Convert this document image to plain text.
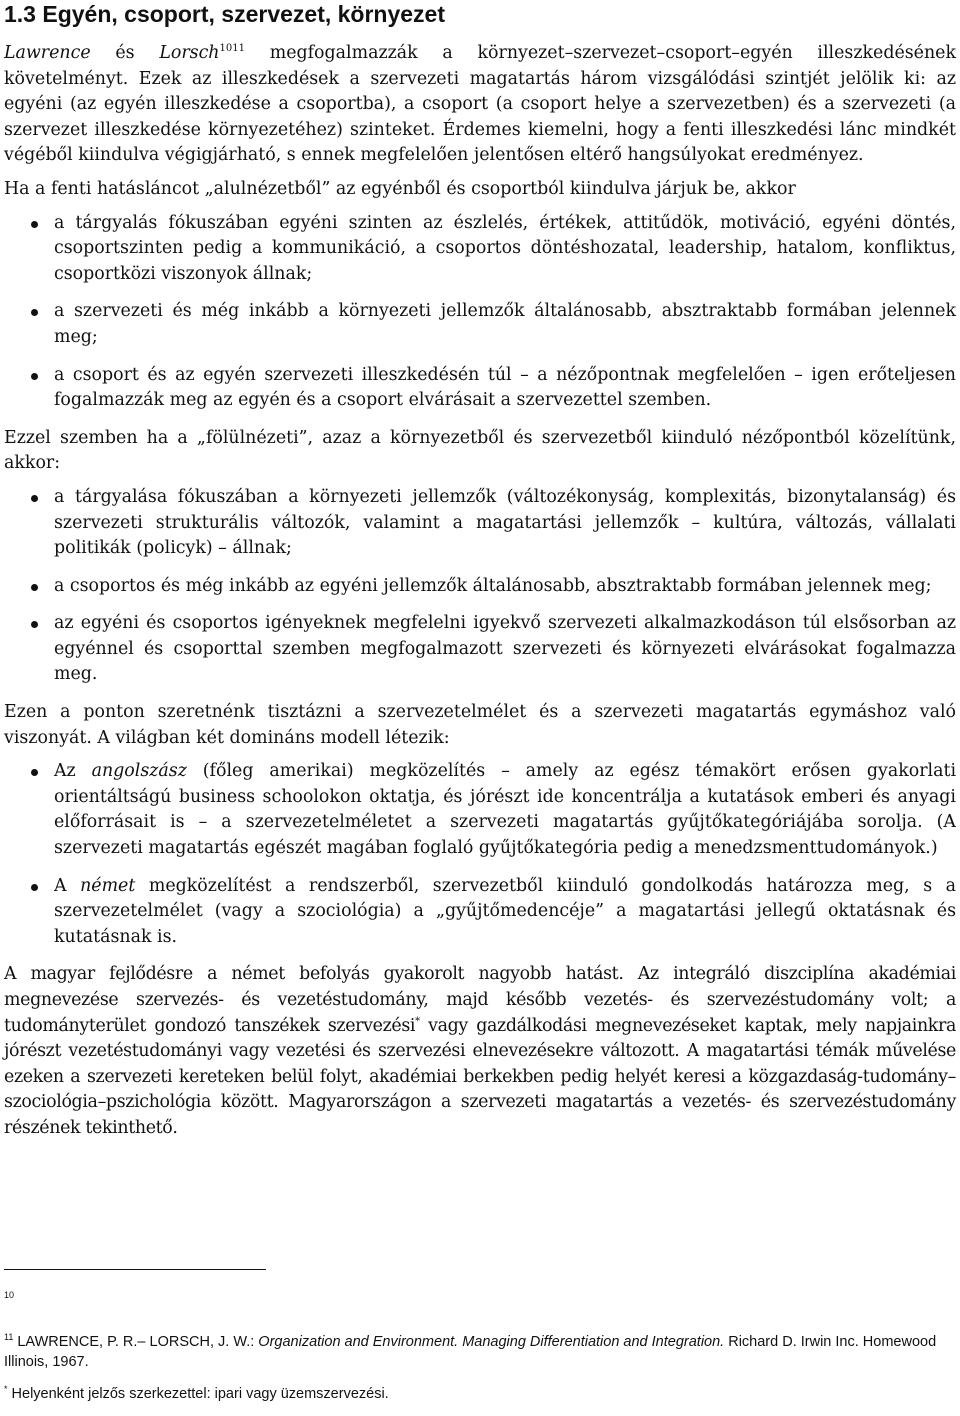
1.3 Egyén, csoport, szervezet, környezet

Lawrence és Lorsch$^{1011}$ megfogalmazzák a környezet–szervezet–csoport–egyén illeszkedésének követelményt. Ezek az illeszkedések a szervezeti magatartás három vizsgálódási szintjét jelölik ki: az egyéni (az egyén illeszkedése a csoportba), a csoport (a csoport helye a szervezetben) és a szervezeti (a szervezet illeszkedése környezetéhez) szinteket. Érdemes kiemelni, hogy a fenti illeszkedési lánc mindkét végéből kiindulva végigjárható, s ennek megfelelően jelentősen eltérő hangsúlyokat eredményez.

Ha a fenti hatásláncot „alulnézetből” az egyénből és csoportból kiindulva járjuk be, akkor

a tárgyalás fókuszában egyéni szinten az észlelés, értékek, attitűdök, motiváció, egyéni döntés, csoportszinten pedig a kommunikáció, a csoportos döntéshozatal, leadership, hatalom, konfliktus, csoportközi viszonyok állnak;
a szervezeti és még inkább a környezeti jellemzők általánosabb, absztraktabb formában jelennek meg;
a csoport és az egyén szervezeti illeszkedésén túl – a nézőpontnak megfelelően – igen erőteljesen fogalmazzák meg az egyén és a csoport elvárásait a szervezettel szemben.

Ezzel szemben ha a „fölülnézeti”, azaz a környezetből és szervezetből kiinduló nézőpontból közelítünk, akkor:

a tárgyalása fókuszában a környezeti jellemzők (változékonyság, komplexitás, bizonytalanság) és szervezeti strukturális változók, valamint a magatartási jellemzők – kultúra, változás, vállalati politikák (policyk) – állnak;
a csoportos és még inkább az egyéni jellemzők általánosabb, absztraktabb formában jelennek meg;
az egyéni és csoportos igényeknek megfelelni igyekvő szervezeti alkalmazkodáson túl elsősorban az egyénnel és csoporttal szemben megfogalmazott szervezeti és környezeti elvárásokat fogalmazza meg.

Ezen a ponton szeretnénk tisztázni a szervezetelmélet és a szervezeti magatartás egymáshoz való viszonyát. A világban két domináns modell létezik:

Az angolszász (főleg amerikai) megközelítés – amely az egész témakört erősen gyakorlati orientáltságú business schoolokon oktatja, és jórészt ide koncentrálja a kutatások emberi és anyagi előforrásait is – a szervezetelméletet a szervezeti magatartás gyűjtőkategóriájába sorolja. (A szervezeti magatartás egészét magában foglaló gyűjtőkategória pedig a menedzsmenttudományok.)
A német megközelítést a rendszerből, szervezetből kiinduló gondolkodás határozza meg, s a szervezetelmélet (vagy a szociológia) a „gyűjtőmedencéje” a magatartási jellegű oktatásnak és kutatásnak is.

A magyar fejlődésre a német befolyás gyakorolt nagyobb hatást. Az integráló diszciplína akadémiai megnevezése szervezés- és vezetéstudomány, majd később vezetés- és szervezéstudomány volt; a tudományterület gondozó tanszékek szervezési* vagy gazdálkodási megnevezéseket kaptak, mely napjainkra jórészt vezetéstudományi vagy vezetési és szervezési elnevezésekre változott. A magatartási témák művelése ezeken a szervezeti kereteken belül folyt, akadémiai berkekben pedig helyét keresi a közgazdaság-tudomány–szociológia–pszichológia között. Magyarországon a szervezeti magatartás a vezetés- és szervezéstudomány részének tekinthető.

$^{10}$

$^{11}$ LAWRENCE, P. R.– LORSCH, J. W.: Organization and Environment. Managing Differentiation and Integration. Richard D. Irwin Inc. Homewood Illinois, 1967.

* Helyenként jelzős szerkezettel: ipari vagy üzemszervezési.
